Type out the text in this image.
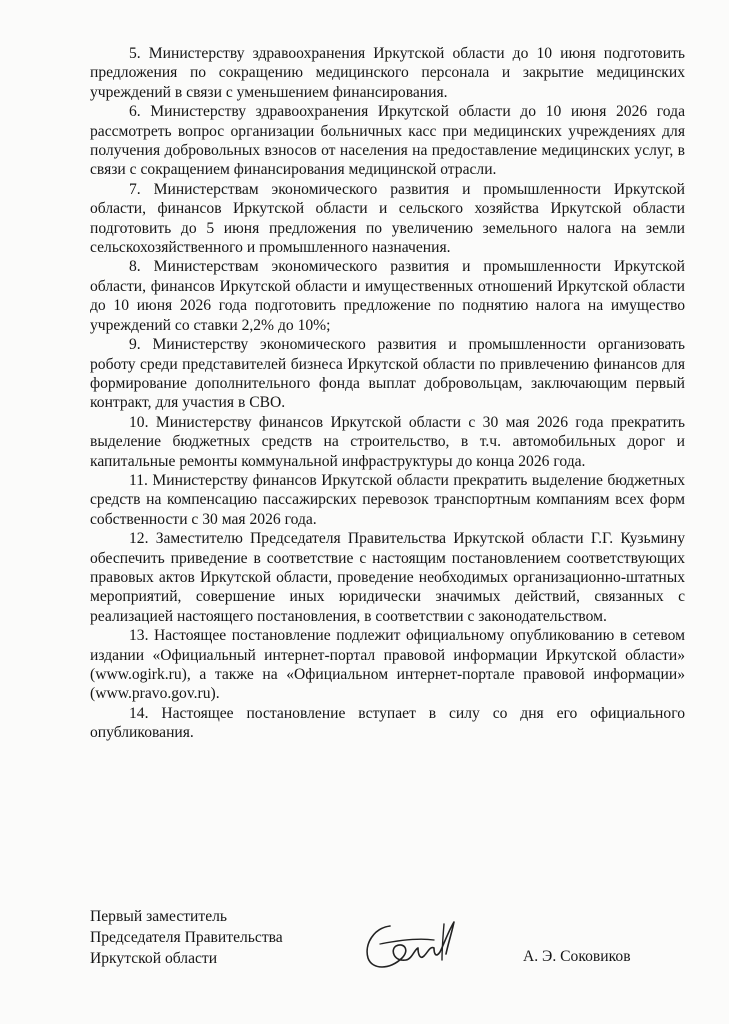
5. Министерству здравоохранения Иркутской области до 10 июня подготовить предложения по сокращению медицинского персонала и закрытие медицинских учреждений в связи с уменьшением финансирования.

6. Министерству здравоохранения Иркутской области до 10 июня 2026 года рассмотреть вопрос организации больничных касс при медицинских учреждениях для получения добровольных взносов от населения на предоставление медицинских услуг, в связи с сокращением финансирования медицинской отрасли.

7. Министерствам экономического развития и промышленности Иркутской области, финансов Иркутской области и сельского хозяйства Иркутской области подготовить до 5 июня предложения по увеличению земельного налога на земли сельскохозяйственного и промышленного назначения.

8. Министерствам экономического развития и промышленности Иркутской области, финансов Иркутской области и имущественных отношений Иркутской области до 10 июня 2026 года подготовить предложение по поднятию налога на имущество учреждений со ставки 2,2% до 10%;

9. Министерству экономического развития и промышленности организовать роботу среди представителей бизнеса Иркутской области по привлечению финансов для формирование дополнительного фонда выплат добровольцам, заключающим первый контракт, для участия в СВО.

10. Министерству финансов Иркутской области с 30 мая 2026 года прекратить выделение бюджетных средств на строительство, в т.ч. автомобильных дорог и капитальные ремонты коммунальной инфраструктуры до конца 2026 года.

11. Министерству финансов Иркутской области прекратить выделение бюджетных средств на компенсацию пассажирских перевозок транспортным компаниям всех форм собственности с 30 мая 2026 года.

12. Заместителю Председателя Правительства Иркутской области Г.Г. Кузьмину обеспечить приведение в соответствие с настоящим постановлением соответствующих правовых актов Иркутской области, проведение необходимых организационно-штатных мероприятий, совершение иных юридически значимых действий, связанных с реализацией настоящего постановления, в соответствии с законодательством.

13. Настоящее постановление подлежит официальному опубликованию в сетевом издании «Официальный интернет-портал правовой информации Иркутской области» (www.ogirk.ru), а также на «Официальном интернет-портале правовой информации» (www.pravo.gov.ru).

14. Настоящее постановление вступает в силу со дня его официального опубликования.

Первый заместитель
Председателя Правительства
Иркутской области	А. Э. Соковиков
